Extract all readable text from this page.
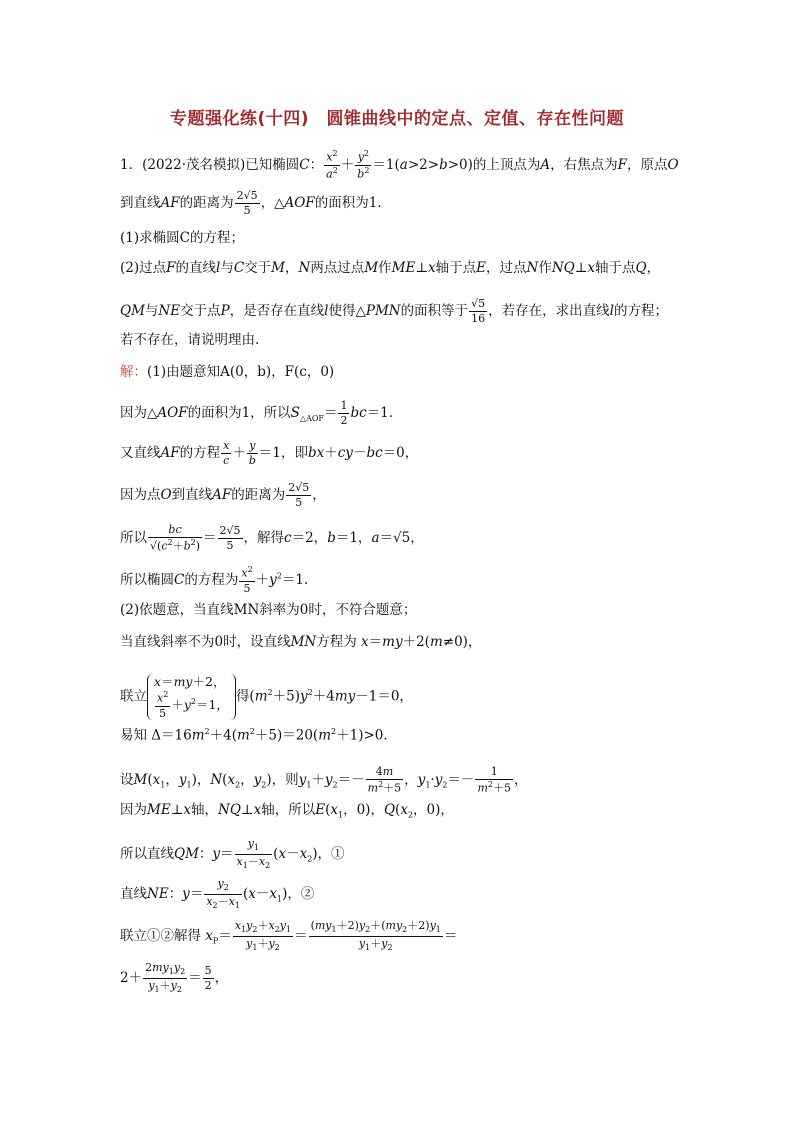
专题强化练(十四)　圆锥曲线中的定点、定值、存在性问题
1．(2022·茂名模拟)已知椭圆C： $\frac{x^2}{a^2} + \frac{y^2}{b^2} =1(a>2>b>0)$的上顶点为A，右焦点为F，原点O
到直线AF的距离为 $\frac{2√5}{5}$ ，△AOF的面积为1.
(1)求椭圆C的方程；
(2)过点F的直线l与C交于M，N两点过点M作ME⊥x轴于点E，过点N作NQ⊥x轴于点Q，
QM与NE交于点P，是否存在直线l使得△PMN的面积等于 $\frac{√5}{16}$ ，若存在，求出直线l的方程；
若不存在，请说明理由.
解：(1)由题意知A(0，b)，F(c，0)
因为△AOF的面积为1，所以$S_{\triangle AOF}= \frac{1}{2} bc=1$.
又直线AF的方程 $\frac{x}{c} + \frac{y}{b} =1$，即bx＋cy－bc＝0，
因为点O到直线AF的距离为 $\frac{2√5}{5}$ ，
所以 $\frac{bc}{√(c^2+b^2)} = \frac{2√5}{5}$ ，解得c＝2，b＝1，a＝√5，
所以椭圆C的方程为 $\frac{x^2}{5} +y^2=1$.
(2)依题意，当直线MN斜率为0时，不符合题意；
当直线斜率不为0时，设直线MN方程为 x＝my＋2(m≠0)，
联立x＝my＋2，

$\frac{x^2}{5} +y^2=1$， 得$(m^2+5)y^2+4my-1=0$，
易知 $\Delta=16m^2+4(m^2+5)=20(m^2+1)>0$.
设$M(x_1$，$y_1$)，$N(x_2$，$y_2$)，则$y_1+y_2=- \frac{4m}{m^2+5}$ ，$y_1\cdot y_2=- \frac{1}{m^2+5}$ ，
因为ME⊥x轴，NQ⊥x轴，所以$E(x_1$，0)，$Q(x_2$，0)，
所以直线QM：$y= \frac{y_1}{x_1-x_2} (x-x_2)$，①
直线NE：$y= \frac{y_2}{x_2-x_1} (x-x_1)$，②
联立①②解得 $x_P= \frac{x_1y_2+x_2y_1}{y_1+y_2} = \frac{(my_1+2)y_2+(my_2+2)y_1}{y_1+y_2}$ ＝
$2+ \frac{2my_1y_2}{y_1+y_2} = \frac{5}{2}$ ，
